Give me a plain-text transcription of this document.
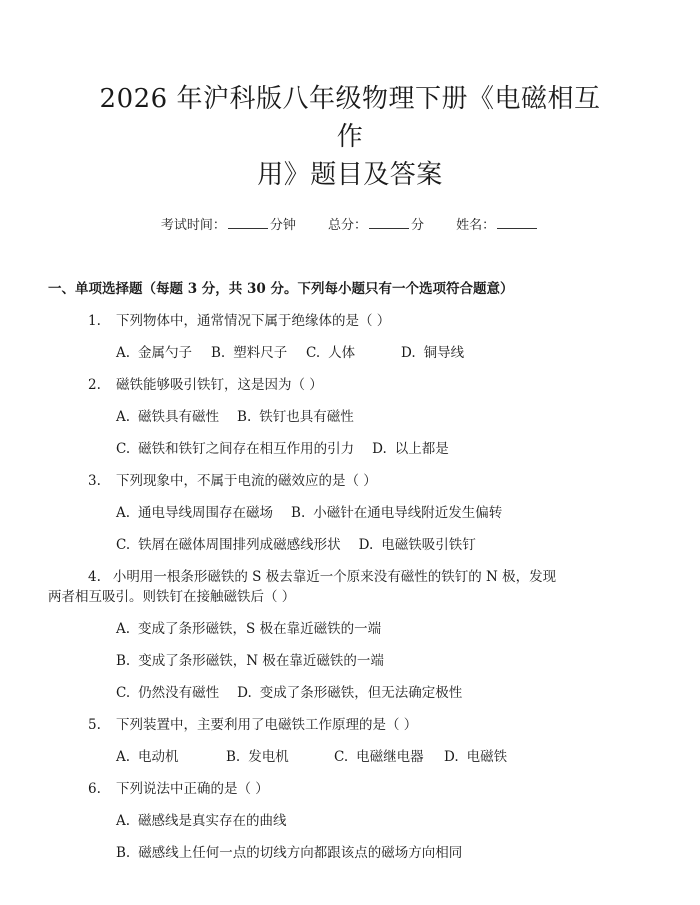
2026 年沪科版八年级物理下册《电磁相互作
用》题目及答案
考试时间：	分钟 总分：	分 姓名：
一、单项选择题（每题 3 分，共 30 分。下列每小题只有一个选项符合题意）
1. 下列物体中，通常情况下属于绝缘体的是（ ）
A. 金属勺子 B. 塑料尺子 C. 人体	D. 铜导线
2. 磁铁能够吸引铁钉，这是因为（ ）
A. 磁铁具有磁性 B. 铁钉也具有磁性
C. 磁铁和铁钉之间存在相互作用的引力 D. 以上都是
3. 下列现象中，不属于电流的磁效应的是（ ）
A. 通电导线周围存在磁场 B. 小磁针在通电导线附近发生偏转
C. 铁屑在磁体周围排列成磁感线形状 D. 电磁铁吸引铁钉
4. 小明用一根条形磁铁的 S 极去靠近一个原来没有磁性的铁钉的 N 极，发现
两者相互吸引。则铁钉在接触磁铁后（ ）
A. 变成了条形磁铁，S 极在靠近磁铁的一端
B. 变成了条形磁铁，N 极在靠近磁铁的一端
C. 仍然没有磁性 D. 变成了条形磁铁，但无法确定极性
5. 下列装置中，主要利用了电磁铁工作原理的是（ ）
A. 电动机	B. 发电机	C. 电磁继电器 D. 电磁铁
6. 下列说法中正确的是（ ）
A. 磁感线是真实存在的曲线
B. 磁感线上任何一点的切线方向都跟该点的磁场方向相同
